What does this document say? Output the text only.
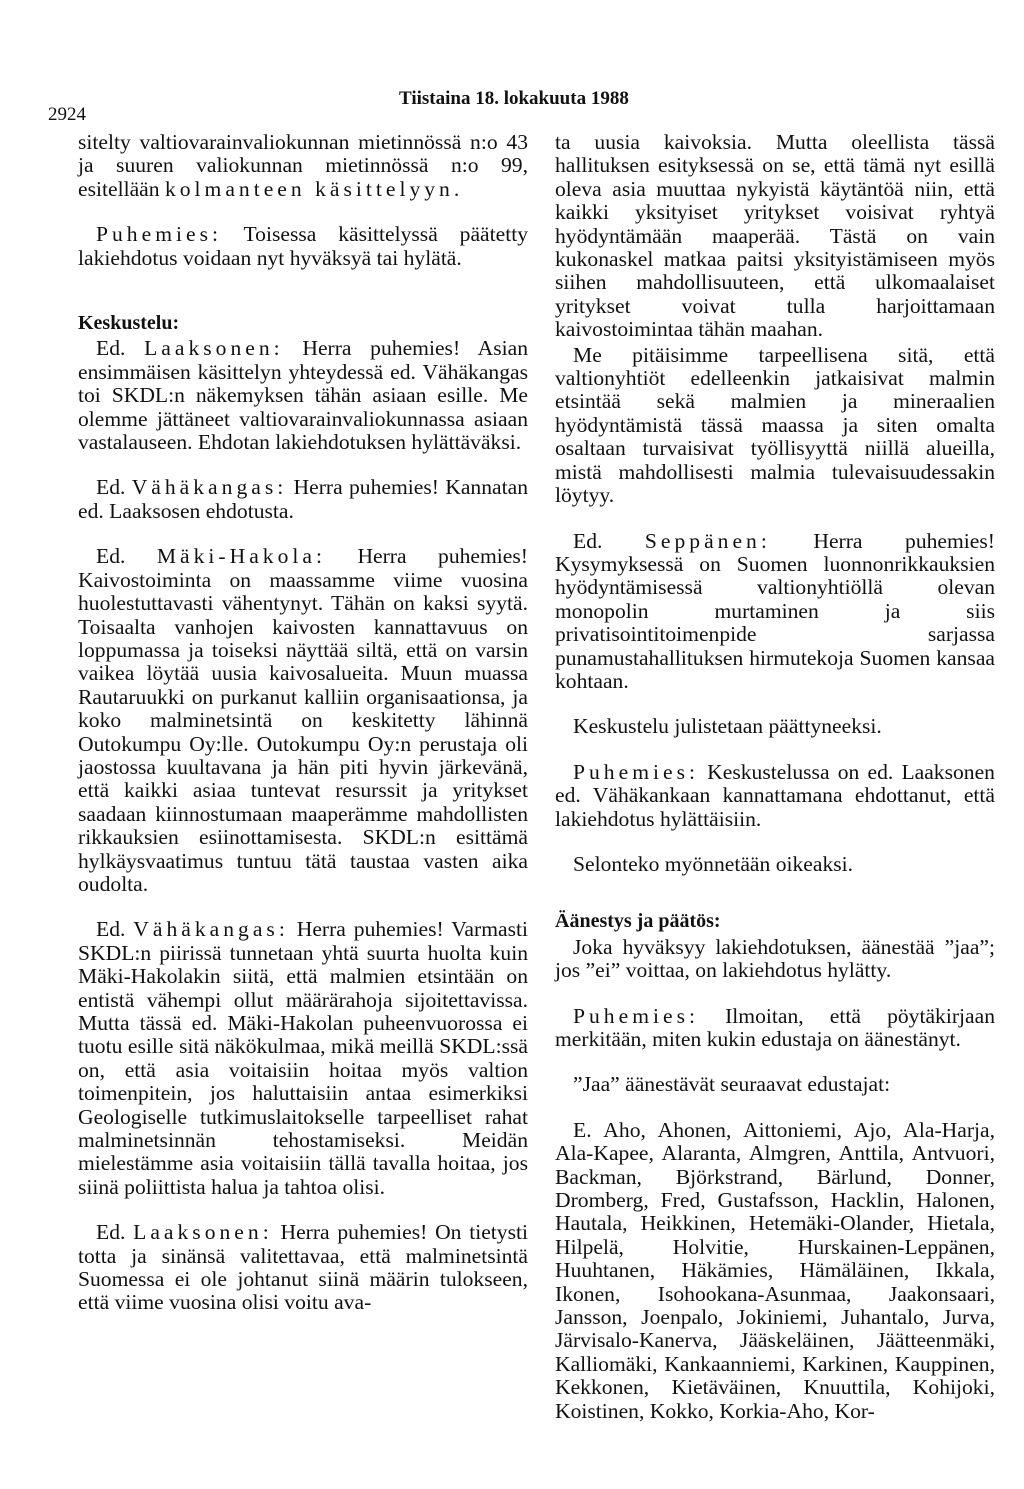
2924
Tiistaina 18. lokakuuta 1988

sitelty valtiovarainvaliokunnan mietinnössä n:o 43 ja suuren valiokunnan mietinnössä n:o 99, esitellään kolmanteen käsittelyyn.

Puhemies: Toisessa käsittelyssä päätetty lakiehdotus voidaan nyt hyväksyä tai hylätä.

Keskustelu:

Ed. Laaksonen: Herra puhemies! Asian ensimmäisen käsittelyn yhteydessä ed. Vähäkangas toi SKDL:n näkemyksen tähän asiaan esille. Me olemme jättäneet valtiovarainvaliokunnassa asiaan vastalauseen. Ehdotan lakiehdotuksen hylättäväksi.

Ed. Vähäkangas: Herra puhemies! Kannatan ed. Laaksosen ehdotusta.

Ed. Mäki-Hakola: Herra puhemies! Kaivostoiminta on maassamme viime vuosina huolestuttavasti vähentynyt. Tähän on kaksi syytä. Toisaalta vanhojen kaivosten kannattavuus on loppumassa ja toiseksi näyttää siltä, että on varsin vaikea löytää uusia kaivosalueita. Muun muassa Rautaruukki on purkanut kalliin organisaationsa, ja koko malminetsintä on keskitetty lähinnä Outokumpu Oy:lle. Outokumpu Oy:n perustaja oli jaostossa kuultavana ja hän piti hyvin järkevänä, että kaikki asiaa tuntevat resurssit ja yritykset saadaan kiinnostumaan maaperämme mahdollisten rikkauksien esiinottamisesta. SKDL:n esittämä hylkäysvaatimus tuntuu tätä taustaa vasten aika oudolta.

Ed. Vähäkangas: Herra puhemies! Varmasti SKDL:n piirissä tunnetaan yhtä suurta huolta kuin Mäki-Hakolakin siitä, että malmien etsintään on entistä vähempi ollut määrärahoja sijoitettavissa. Mutta tässä ed. Mäki-Hakolan puheenvuorossa ei tuotu esille sitä näkökulmaa, mikä meillä SKDL:ssä on, että asia voitaisiin hoitaa myös valtion toimenpitein, jos haluttaisiin antaa esimerkiksi Geologiselle tutkimuslaitokselle tarpeelliset rahat malminetsinnän tehostamiseksi. Meidän mielestämme asia voitaisiin tällä tavalla hoitaa, jos siinä poliittista halua ja tahtoa olisi.

Ed. Laaksonen: Herra puhemies! On tietysti totta ja sinänsä valitettavaa, että malminetsintä Suomessa ei ole johtanut siinä määrin tulokseen, että viime vuosina olisi voitu ava-

ta uusia kaivoksia. Mutta oleellista tässä hallituksen esityksessä on se, että tämä nyt esillä oleva asia muuttaa nykyistä käytäntöä niin, että kaikki yksityiset yritykset voisivat ryhtyä hyödyntämään maaperää. Tästä on vain kukonaskel matkaa paitsi yksityistämiseen myös siihen mahdollisuuteen, että ulkomaalaiset yritykset voivat tulla harjoittamaan kaivostoimintaa tähän maahan.

Me pitäisimme tarpeellisena sitä, että valtionyhtiöt edelleenkin jatkaisivat malmin etsintää sekä malmien ja mineraalien hyödyntämistä tässä maassa ja siten omalta osaltaan turvaisivat työllisyyttä niillä alueilla, mistä mahdollisesti malmia tulevaisuudessakin löytyy.

Ed. Seppänen: Herra puhemies! Kysymyksessä on Suomen luonnonrikkauksien hyödyntämisessä valtionyhtiöllä olevan monopolin murtaminen ja siis privatisointitoimenpide sarjassa punamustahallituksen hirmutekoja Suomen kansaa kohtaan.

Keskustelu julistetaan päättyneeksi.

Puhemies: Keskustelussa on ed. Laaksonen ed. Vähäkankaan kannattamana ehdottanut, että lakiehdotus hylättäisiin.

Selonteko myönnetään oikeaksi.

Äänestys ja päätös:

Joka hyväksyy lakiehdotuksen, äänestää ”jaa”; jos ”ei” voittaa, on lakiehdotus hylätty.

Puhemies: Ilmoitan, että pöytäkirjaan merkitään, miten kukin edustaja on äänestänyt.

”Jaa” äänestävät seuraavat edustajat:

E. Aho, Ahonen, Aittoniemi, Ajo, Ala-Harja, Ala-Kapee, Alaranta, Almgren, Anttila, Antvuori, Backman, Björkstrand, Bärlund, Donner, Dromberg, Fred, Gustafsson, Hacklin, Halonen, Hautala, Heikkinen, Hetemäki-Olander, Hietala, Hilpelä, Holvitie, Hurskainen-Leppänen, Huuhtanen, Häkämies, Hämäläinen, Ikkala, Ikonen, Isohookana-Asunmaa, Jaakonsaari, Jansson, Joenpalo, Jokiniemi, Juhantalo, Jurva, Järvisalo-Kanerva, Jääskeläinen, Jäätteenmäki, Kalliomäki, Kankaanniemi, Karkinen, Kauppinen, Kekkonen, Kietäväinen, Knuuttila, Kohijoki, Koistinen, Kokko, Korkia-Aho, Kor-
